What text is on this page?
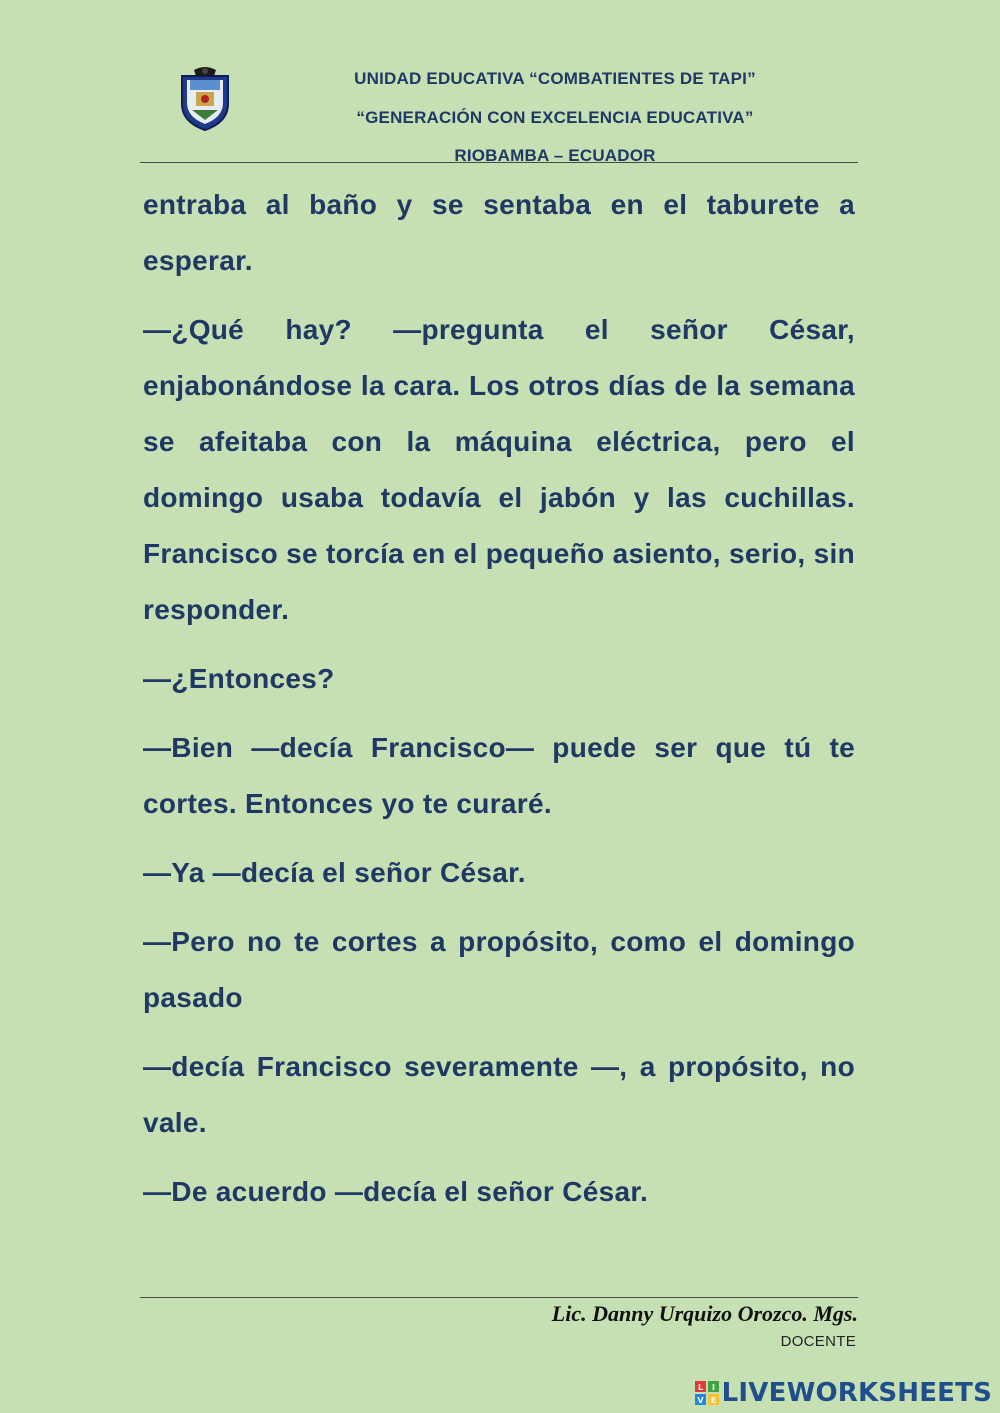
UNIDAD EDUCATIVA “COMBATIENTES DE TAPI”
“GENERACIÓN CON EXCELENCIA EDUCATIVA”
RIOBAMBA – ECUADOR

entraba al baño y se sentaba en el taburete a esperar.

—¿Qué hay? —pregunta el señor César, enjabonándose la cara. Los otros días de la semana se afeitaba con la máquina eléctrica, pero el domingo usaba todavía el jabón y las cuchillas. Francisco se torcía en el pequeño asiento, serio, sin responder.

—¿Entonces?

—Bien —decía Francisco— puede ser que tú te cortes. Entonces yo te curaré.

—Ya —decía el señor César.

—Pero no te cortes a propósito, como el domingo pasado

—decía Francisco severamente —, a propósito, no vale.

—De acuerdo —decía el señor César.

Lic. Danny Urquizo Orozco. Mgs.
DOCENTE
L I
V E LIVEWORKSHEETS
